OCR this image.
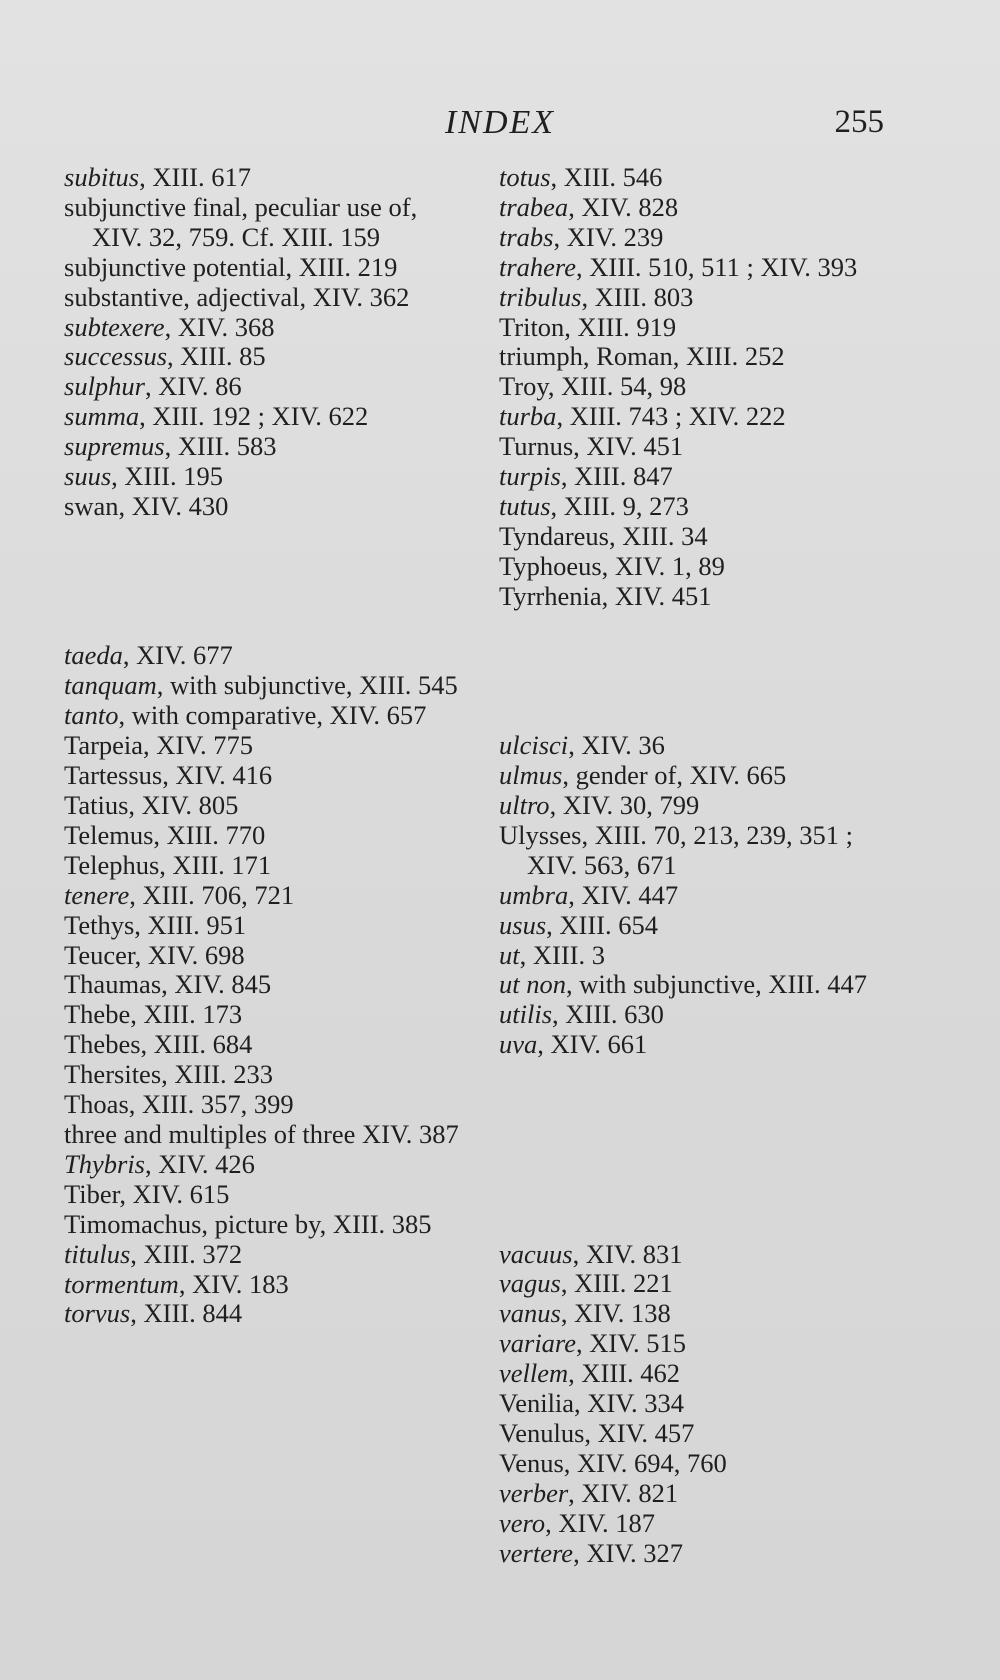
INDEX	255
subitus, XIII. 617
subjunctive final, peculiar use of, XIV. 32, 759. Cf. XIII. 159
subjunctive potential, XIII. 219
substantive, adjectival, XIV. 362
subtexere, XIV. 368
successus, XIII. 85
sulphur, XIV. 86
summa, XIII. 192 ; XIV. 622
supremus, XIII. 583
suus, XIII. 195
swan, XIV. 430
taeda, XIV. 677
tanquam, with subjunctive, XIII. 545
tanto, with comparative, XIV. 657
Tarpeia, XIV. 775
Tartessus, XIV. 416
Tatius, XIV. 805
Telemus, XIII. 770
Telephus, XIII. 171
tenere, XIII. 706, 721
Tethys, XIII. 951
Teucer, XIV. 698
Thaumas, XIV. 845
Thebe, XIII. 173
Thebes, XIII. 684
Thersites, XIII. 233
Thoas, XIII. 357, 399
three and multiples of three XIV. 387
Thybris, XIV. 426
Tiber, XIV. 615
Timomachus, picture by, XIII. 385
titulus, XIII. 372
tormentum, XIV. 183
torvus, XIII. 844
totus, XIII. 546
trabea, XIV. 828
trabs, XIV. 239
trahere, XIII. 510, 511 ; XIV. 393
tribulus, XIII. 803
Triton, XIII. 919
triumph, Roman, XIII. 252
Troy, XIII. 54, 98
turba, XIII. 743 ; XIV. 222
Turnus, XIV. 451
turpis, XIII. 847
tutus, XIII. 9, 273
Tyndareus, XIII. 34
Typhoeus, XIV. 1, 89
Tyrrhenia, XIV. 451
ulcisci, XIV. 36
ulmus, gender of, XIV. 665
ultro, XIV. 30, 799
Ulysses, XIII. 70, 213, 239, 351 ; XIV. 563, 671
umbra, XIV. 447
usus, XIII. 654
ut, XIII. 3
ut non, with subjunctive, XIII. 447
utilis, XIII. 630
uva, XIV. 661
vacuus, XIV. 831
vagus, XIII. 221
vanus, XIV. 138
variare, XIV. 515
vellem, XIII. 462
Venilia, XIV. 334
Venulus, XIV. 457
Venus, XIV. 694, 760
verber, XIV. 821
vero, XIV. 187
vertere, XIV. 327
